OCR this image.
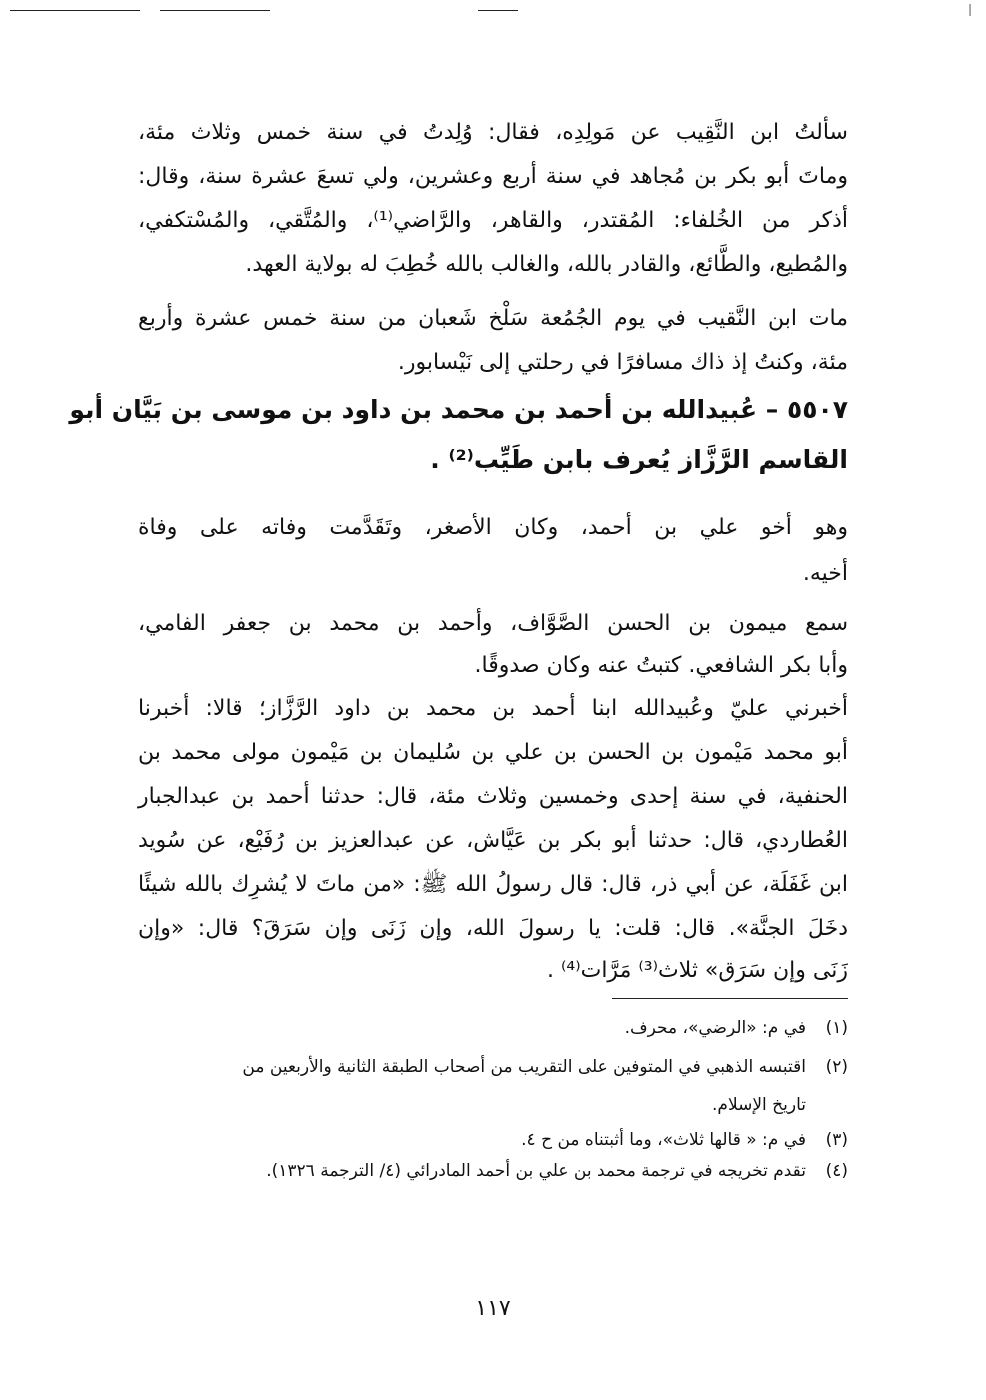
❘
سألتُ ابن النَّقِيب عن مَولِدِه، فقال: وُلِدتُ في سنة خمس وثلاث مئة،
وماتَ أبو بكر بن مُجاهد في سنة أربع وعشرين، ولي تسعَ عشرة سنة، وقال:
أذكر من الخُلفاء: المُقتدر، والقاهر، والرَّاضي⁽¹⁾، والمُتَّقي، والمُسْتكفي،
والمُطيع، والطَّائع، والقادر بالله، والغالب بالله خُطِبَ له بولاية العهد.
مات ابن النَّقيب في يوم الجُمُعة سَلْخ شَعبان من سنة خمس عشرة وأربع
مئة، وكنتُ إذ ذاك مسافرًا في رحلتي إلى نَيْسابور.
٥٥٠٧ – عُبيدالله بن أحمد بن محمد بن داود بن موسى بن بَيَّان أبو
القاسم الرَّزَّاز يُعرف بابن طَيِّب⁽²⁾ .
وهو أخو علي بن أحمد، وكان الأصغر، وتَقَدَّمت وفاته على وفاة
أخيه.
سمع ميمون بن الحسن الصَّوَّاف، وأحمد بن محمد بن جعفر الفامي،
وأبا بكر الشافعي. كتبتُ عنه وكان صدوقًا.
أخبرني عليّ وعُبيدالله ابنا أحمد بن محمد بن داود الرَّزَّاز؛ قالا: أخبرنا
أبو محمد مَيْمون بن الحسن بن علي بن سُليمان بن مَيْمون مولى محمد بن
الحنفية، في سنة إحدى وخمسين وثلاث مئة، قال: حدثنا أحمد بن عبدالجبار
العُطاردي، قال: حدثنا أبو بكر بن عَيَّاش، عن عبدالعزيز بن رُفَيْع، عن سُويد
ابن غَفَلَة، عن أبي ذر، قال: قال رسولُ الله ﷺ: «من ماتَ لا يُشرِك بالله شيئًا
دخَلَ الجنَّة». قال: قلت: يا رسولَ الله، وإن زَنَى وإن سَرَقَ؟ قال: «وإن
زَنَى وإن سَرَق» ثلاث⁽³⁾ مَرَّات⁽⁴⁾ .
(١)في م: «الرضي»، محرف.
(٢)اقتبسه الذهبي في المتوفين على التقريب من أصحاب الطبقة الثانية والأربعين من
تاريخ الإسلام.
(٣)في م: « قالها ثلاث»، وما أثبتناه من ح ٤.
(٤)تقدم تخريجه في ترجمة محمد بن علي بن أحمد المادرائي (٤/ الترجمة ١٣٢٦).
١١٧
